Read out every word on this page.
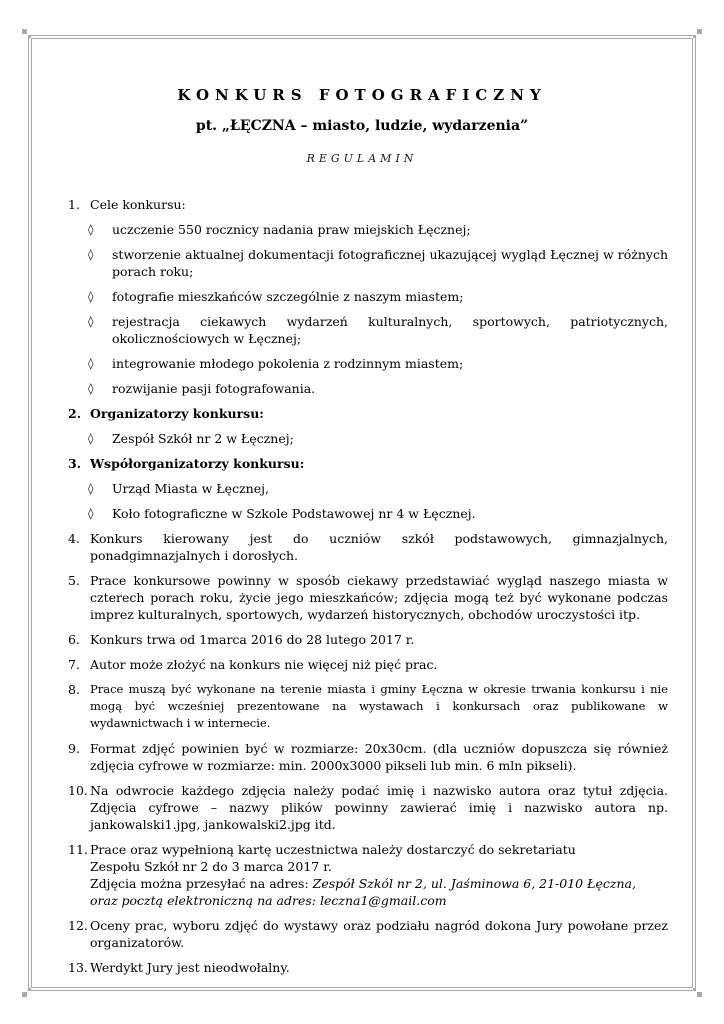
KONKURS FOTOGRAFICZNY
pt. „ŁĘCZNA – miasto, ludzie, wydarzenia”
REGULAMIN
1. Cele konkursu:
◊ uczczenie 550 rocznicy nadania praw miejskich Łęcznej;
◊ stworzenie aktualnej dokumentacji fotograficznej ukazującej wygląd Łęcznej w różnych porach roku;
◊ fotografie mieszkańców szczególnie z naszym miastem;
◊ rejestracja ciekawych wydarzeń kulturalnych, sportowych, patriotycznych, okolicznościowych w Łęcznej;
◊ integrowanie młodego pokolenia z rodzinnym miastem;
◊ rozwijanie pasji fotografowania.
2. Organizatorzy konkursu:
◊ Zespół Szkół nr 2 w Łęcznej;
3. Współorganizatorzy konkursu:
◊ Urząd Miasta w Łęcznej,
◊ Koło fotograficzne w Szkole Podstawowej nr 4 w Łęcznej.
4. Konkurs kierowany jest do uczniów szkół podstawowych, gimnazjalnych, ponadgimnazjalnych i dorosłych.
5. Prace konkursowe powinny w sposób ciekawy przedstawiać wygląd naszego miasta w czterech porach roku, życie jego mieszkańców; zdjęcia mogą też być wykonane podczas imprez kulturalnych, sportowych, wydarzeń historycznych, obchodów uroczystości itp.
6. Konkurs trwa od 1marca 2016 do 28 lutego 2017 r.
7. Autor może złożyć na konkurs nie więcej niż pięć prac.
8. Prace muszą być wykonane na terenie miasta i gminy Łęczna w okresie trwania konkursu i nie mogą być wcześniej prezentowane na wystawach i konkursach oraz publikowane w wydawnictwach i w internecie.
9. Format zdjęć powinien być w rozmiarze: 20x30cm. (dla uczniów dopuszcza się również zdjęcia cyfrowe w rozmiarze: min. 2000x3000 pikseli lub min. 6 mln pikseli).
10. Na odwrocie każdego zdjęcia należy podać imię i nazwisko autora oraz tytuł zdjęcia. Zdjęcia cyfrowe – nazwy plików powinny zawierać imię i nazwisko autora np. jankowalski1.jpg, jankowalski2.jpg itd.
11. Prace oraz wypełnioną kartę uczestnictwa należy dostarczyć do sekretariatu
Zespołu Szkół nr 2 do 3 marca 2017 r.
Zdjęcia można przesyłać na adres: Zespół Szkól nr 2, ul. Jaśminowa 6, 21-010 Łęczna,
oraz pocztą elektroniczną na adres: leczna1@gmail.com
12. Oceny prac, wyboru zdjęć do wystawy oraz podziału nagród dokona Jury powołane przez organizatorów.
13. Werdykt Jury jest nieodwołalny.
